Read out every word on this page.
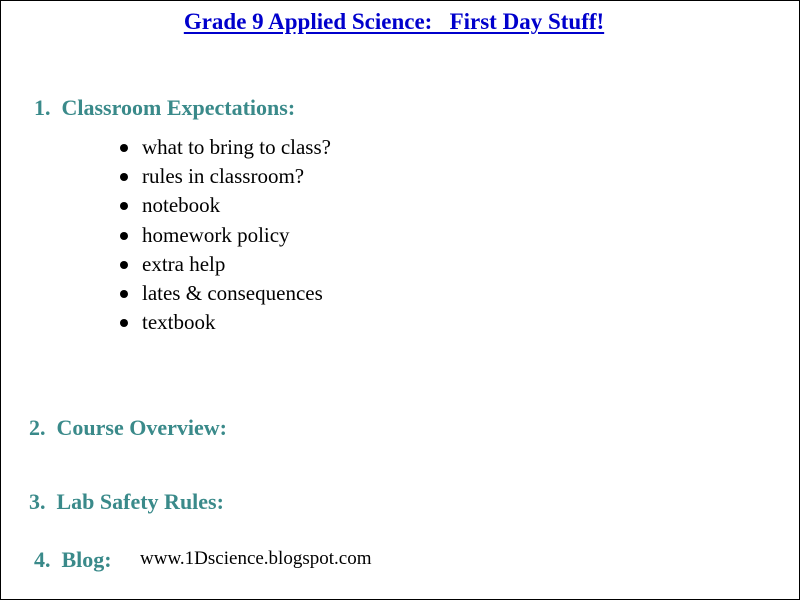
Grade 9 Applied Science:   First Day Stuff!
1.  Classroom Expectations:
what to bring to class?
rules in classroom?
notebook
homework policy
extra help
lates & consequences
textbook
2.  Course Overview:
3.  Lab Safety Rules:
4.  Blog: www.1Dscience.blogspot.com
